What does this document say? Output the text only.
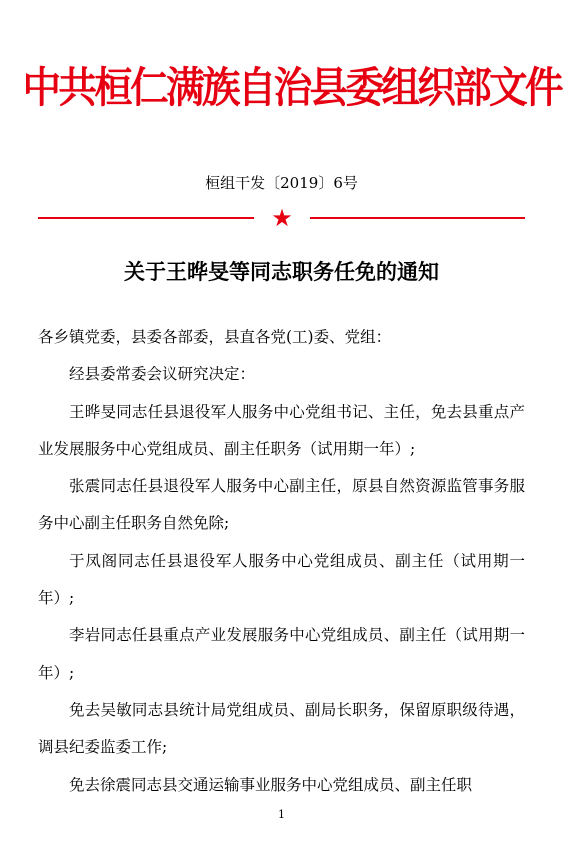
中共桓仁满族自治县委组织部文件
桓组干发〔2019〕6号
★
关于王晔旻等同志职务任免的通知

各乡镇党委，县委各部委，县直各党(工)委、党组：

经县委常委会议研究决定：

王晔旻同志任县退役军人服务中心党组书记、主任，免去县重点产业发展服务中心党组成员、副主任职务（试用期一年）;

张震同志任县退役军人服务中心副主任，原县自然资源监管事务服务中心副主任职务自然免除;

于凤阁同志任县退役军人服务中心党组成员、副主任（试用期一年）;

李岩同志任县重点产业发展服务中心党组成员、副主任（试用期一年）;

免去吴敏同志县统计局党组成员、副局长职务，保留原职级待遇，调县纪委监委工作;

免去徐震同志县交通运输事业服务中心党组成员、副主任职

1
